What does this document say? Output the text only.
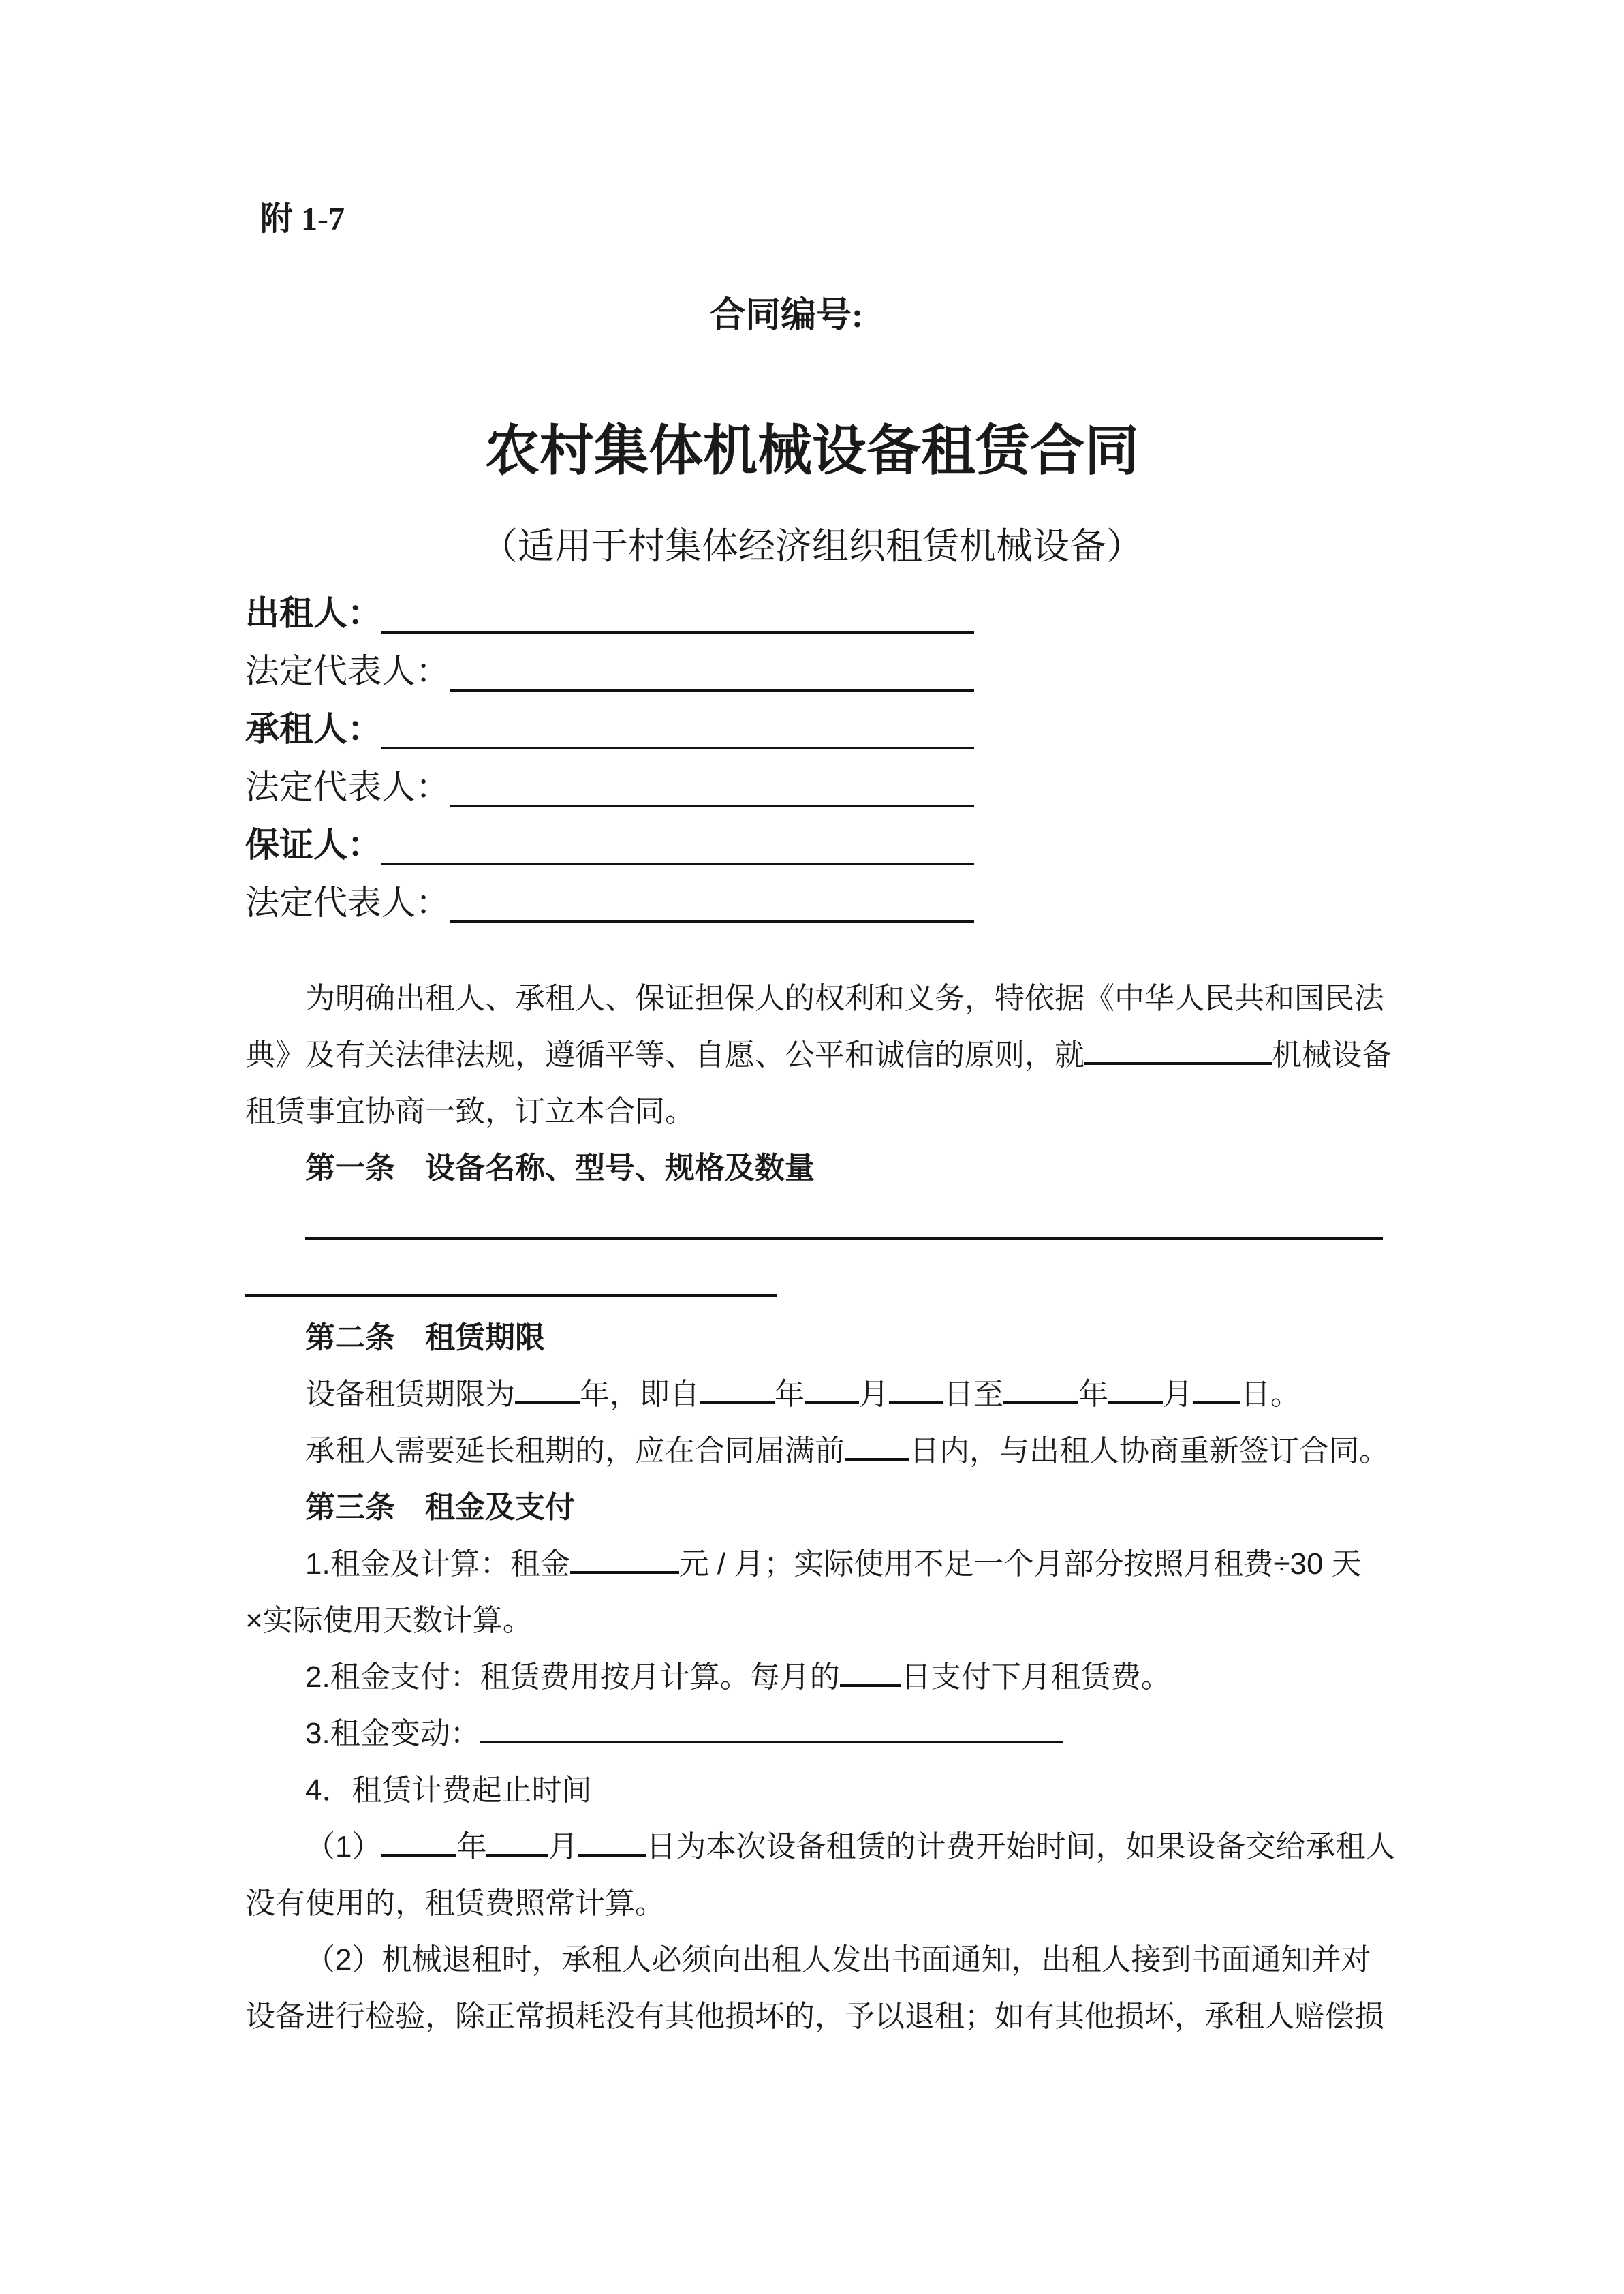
附 1-7
合同编号:
农村集体机械设备租赁合同
（适用于村集体经济组织租赁机械设备）
出租人：
法定代表人：
承租人：
法定代表人：
保证人：
法定代表人：
为明确出租人、承租人、保证担保人的权利和义务，特依据《中华人民共和国民法
典》及有关法律法规，遵循平等、自愿、公平和诚信的原则，就	机械设备
租赁事宜协商一致，订立本合同。
第一条　设备名称、型号、规格及数量
第二条　租赁期限
设备租赁期限为 年，即自	年 月 日至	年 月 日。
承租人需要延长租期的，应在合同届满前 日内，与出租人协商重新签订合同。
第三条　租金及支付
1.租金及计算：租金	元 / 月；实际使用不足一个月部分按照月租费÷30 天
×实际使用天数计算。
2.租金支付：租赁费用按月计算。每月的 日支付下月租赁费。
3.租金变动：
4．租赁计费起止时间
（1）	年 月 日为本次设备租赁的计费开始时间，如果设备交给承租人
没有使用的，租赁费照常计算。
（2）机械退租时，承租人必须向出租人发出书面通知，出租人接到书面通知并对
设备进行检验，除正常损耗没有其他损坏的，予以退租；如有其他损坏，承租人赔偿损
